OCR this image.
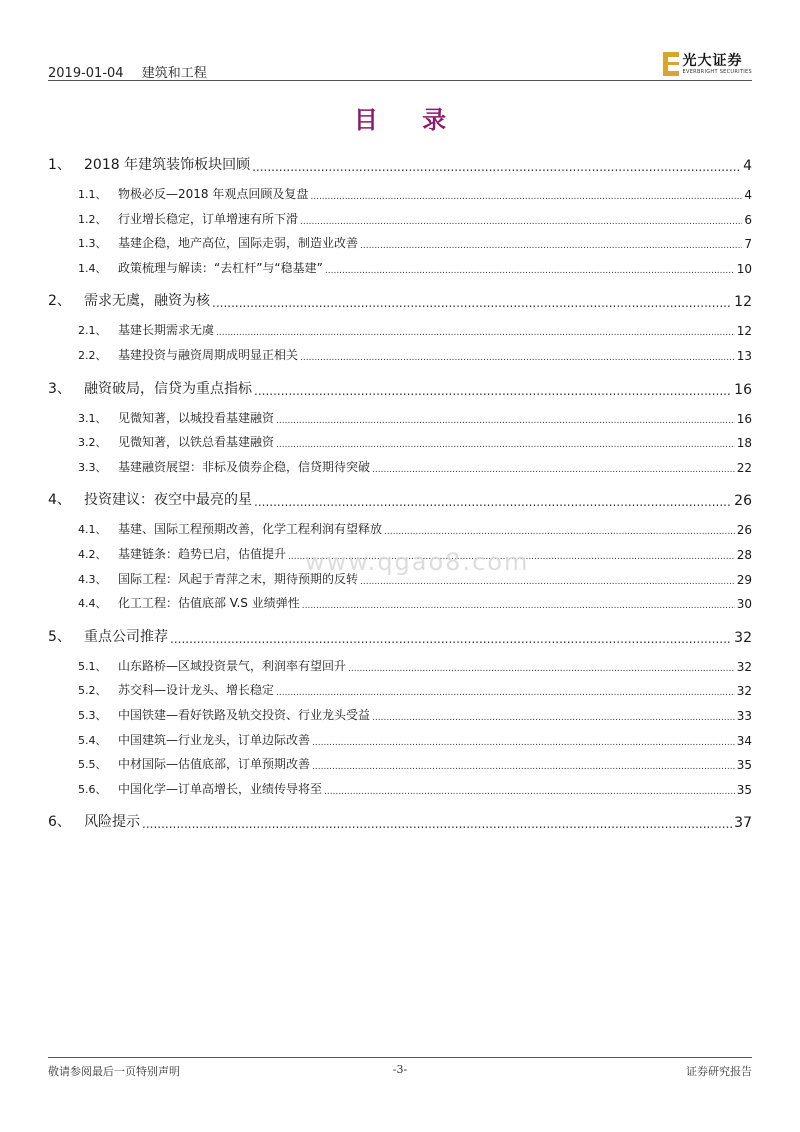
2019-01-04 建筑和工程
光大证券
EVERBRIGHT SECURITIES
目 录
1、 2018 年建筑装饰板块回顾 .....	4
1.1、 物极必反—2018 年观点回顾及复盘 .....	4
1.2、 行业增长稳定，订单增速有所下滑 .....	6
1.3、 基建企稳，地产高位，国际走弱，制造业改善 .....	7
1.4、 政策梳理与解读：“去杠杆”与“稳基建” .....	10
2、 需求无虞，融资为核 .....	12
2.1、 基建长期需求无虞 .....	12
2.2、 基建投资与融资周期成明显正相关 .....	13
3、 融资破局，信贷为重点指标 .....	16
3.1、 见微知著，以城投看基建融资 .....	16
3.2、 见微知著，以铁总看基建融资 .....	18
3.3、 基建融资展望：非标及债券企稳，信贷期待突破 .....	22
4、 投资建议：夜空中最亮的星 .....	26
4.1、 基建、国际工程预期改善，化学工程利润有望释放 .....	26
4.2、 基建链条：趋势已启，估值提升 .....	28
4.3、 国际工程：风起于青萍之末，期待预期的反转 .....	29
4.4、 化工工程：估值底部 V.S 业绩弹性 .....	30
5、 重点公司推荐 .....	32
5.1、 山东路桥—区域投资景气，利润率有望回升 .....	32
5.2、 苏交科—设计龙头、增长稳定 .....	32
5.3、 中国铁建—看好铁路及轨交投资、行业龙头受益 .....	33
5.4、 中国建筑—行业龙头，订单边际改善 .....	34
5.5、 中材国际—估值底部，订单预期改善 .....	35
5.6、 中国化学—订单高增长，业绩传导将至 .....	35
6、 风险提示 .....	37
www.qgao8.com
敬请参阅最后一页特别声明	-3-	证券研究报告
